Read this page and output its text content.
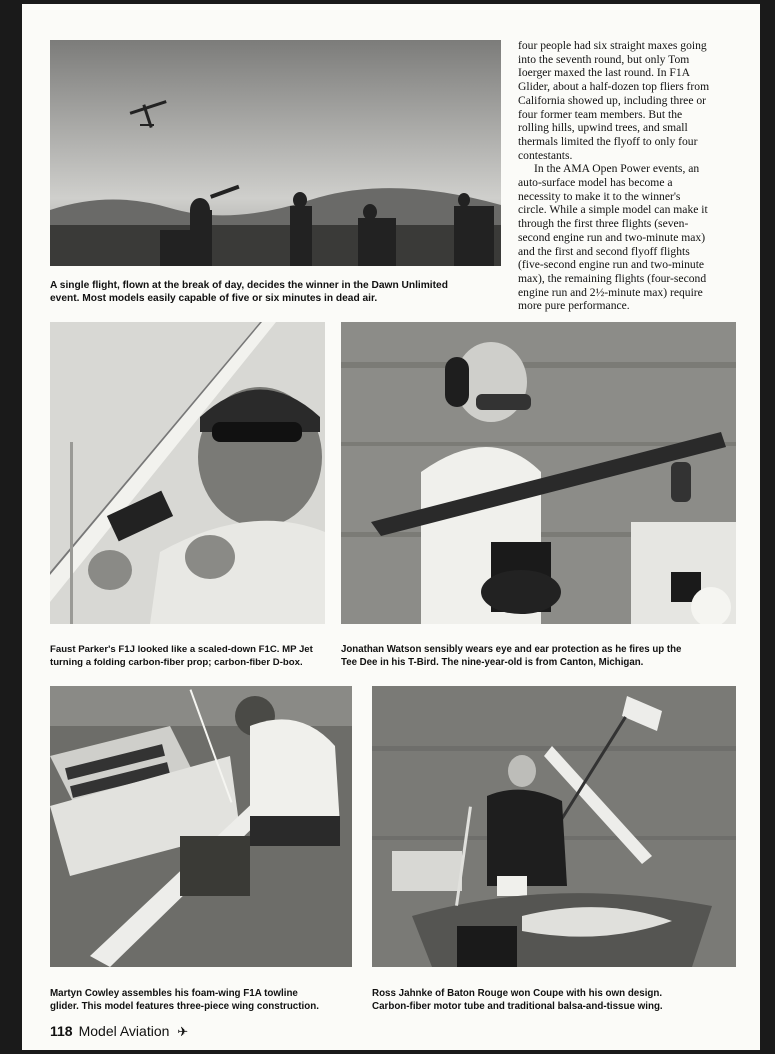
A single flight, flown at the break of day, decides the winner in the Dawn Unlimited
event. Most models easily capable of five or six minutes in dead air.

four people had six straight maxes going
into the seventh round, but only Tom
Ioerger maxed the last round. In F1A
Glider, about a half-dozen top fliers from
California showed up, including three or
four former team members. But the
rolling hills, upwind trees, and small
thermals limited the flyoff to only four
contestants.

In the AMA Open Power events, an
auto-surface model has become a
necessity to make it to the winner's
circle. While a simple model can make it
through the first three flights (seven-
second engine run and two-minute max)
and the first and second flyoff flights
(five-second engine run and two-minute
max), the remaining flights (four-second
engine run and 2½-minute max) require
more pure performance.

Faust Parker's F1J looked like a scaled-down F1C. MP Jet
turning a folding carbon-fiber prop; carbon-fiber D-box.
Jonathan Watson sensibly wears eye and ear protection as he fires up the
Tee Dee in his T-Bird. The nine-year-old is from Canton, Michigan.
Martyn Cowley assembles his foam-wing F1A towline
glider. This model features three-piece wing construction.
Ross Jahnke of Baton Rouge won Coupe with his own design.
Carbon-fiber motor tube and traditional balsa-and-tissue wing.
118 Model Aviation ✈
